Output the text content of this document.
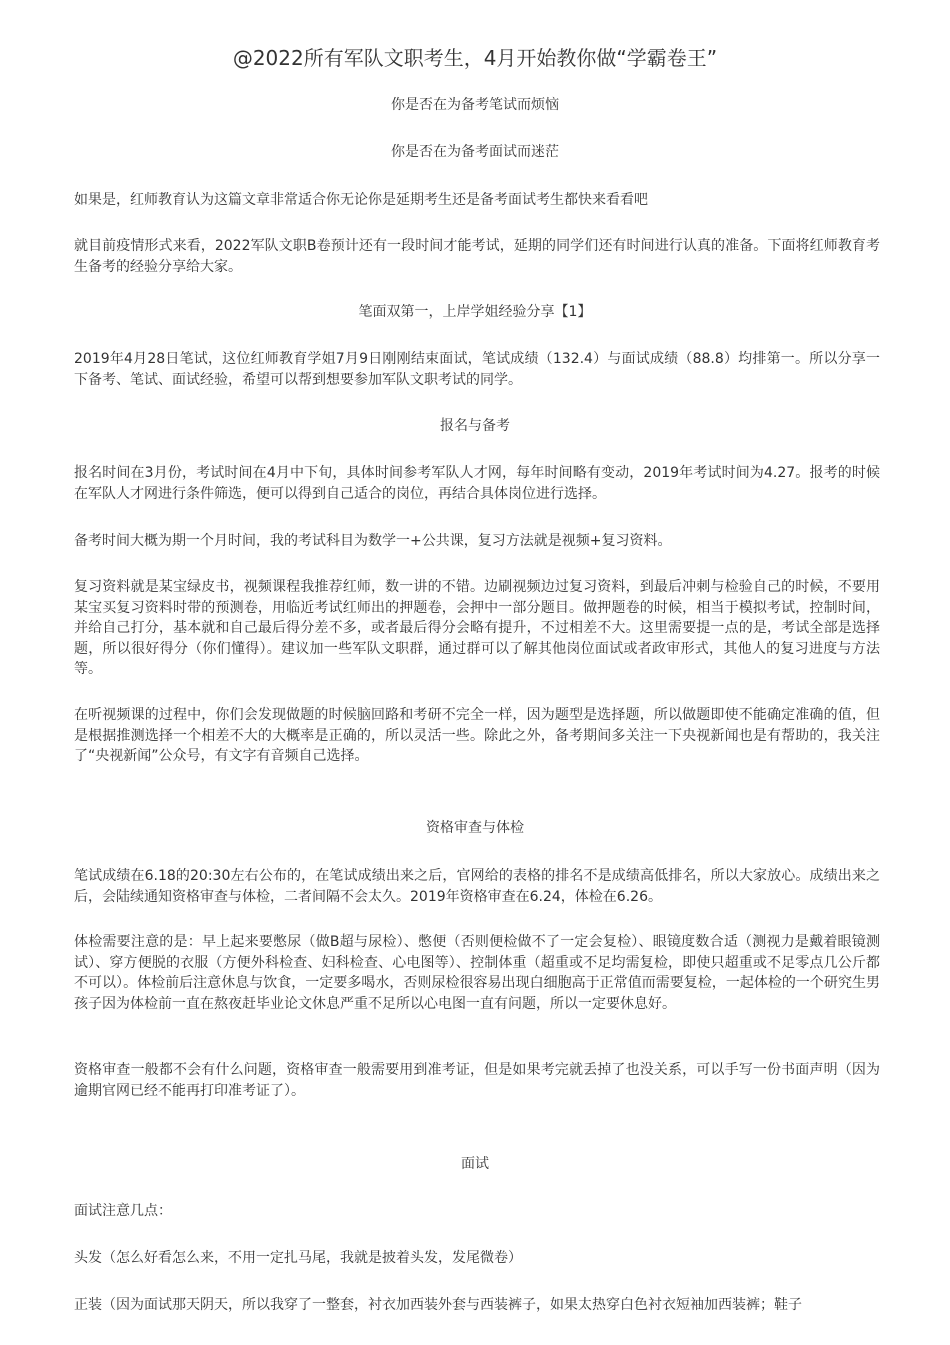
@2022所有军队文职考生，4月开始教你做“学霸卷王”
你是否在为备考笔试而烦恼
你是否在为备考面试而迷茫
如果是，红师教育认为这篇文章非常适合你无论你是延期考生还是备考面试考生都快来看看吧
就目前疫情形式来看，2022军队文职B卷预计还有一段时间才能考试，延期的同学们还有时间进行认真的准备。下面将红师教育考生备考的经验分享给大家。
笔面双第一，上岸学姐经验分享【1】
2019年4月28日笔试，这位红师教育学姐7月9日刚刚结束面试，笔试成绩（132.4）与面试成绩（88.8）均排第一。所以分享一下备考、笔试、面试经验，希望可以帮到想要参加军队文职考试的同学。
报名与备考
报名时间在3月份，考试时间在4月中下旬，具体时间参考军队人才网，每年时间略有变动，2019年考试时间为4.27。报考的时候在军队人才网进行条件筛选，便可以得到自己适合的岗位，再结合具体岗位进行选择。
备考时间大概为期一个月时间，我的考试科目为数学一+公共课，复习方法就是视频+复习资料。
复习资料就是某宝绿皮书，视频课程我推荐红师，数一讲的不错。边刷视频边过复习资料，到最后冲刺与检验自己的时候，不要用某宝买复习资料时带的预测卷，用临近考试红师出的押题卷，会押中一部分题目。做押题卷的时候，相当于模拟考试，控制时间，并给自己打分，基本就和自己最后得分差不多，或者最后得分会略有提升，不过相差不大。这里需要提一点的是，考试全部是选择题，所以很好得分（你们懂得）。建议加一些军队文职群，通过群可以了解其他岗位面试或者政审形式，其他人的复习进度与方法等。
在听视频课的过程中，你们会发现做题的时候脑回路和考研不完全一样，因为题型是选择题，所以做题即使不能确定准确的值，但是根据推测选择一个相差不大的大概率是正确的，所以灵活一些。除此之外，备考期间多关注一下央视新闻也是有帮助的，我关注了“央视新闻”公众号，有文字有音频自己选择。
资格审查与体检
笔试成绩在6.18的20:30左右公布的，在笔试成绩出来之后，官网给的表格的排名不是成绩高低排名，所以大家放心。成绩出来之后，会陆续通知资格审查与体检，二者间隔不会太久。2019年资格审查在6.24，体检在6.26。
体检需要注意的是：早上起来要憋尿（做B超与尿检）、憋便（否则便检做不了一定会复检）、眼镜度数合适（测视力是戴着眼镜测试）、穿方便脱的衣服（方便外科检查、妇科检查、心电图等）、控制体重（超重或不足均需复检，即使只超重或不足零点几公斤都不可以）。体检前后注意休息与饮食，一定要多喝水，否则尿检很容易出现白细胞高于正常值而需要复检，一起体检的一个研究生男孩子因为体检前一直在熬夜赶毕业论文休息严重不足所以心电图一直有问题，所以一定要休息好。
资格审查一般都不会有什么问题，资格审查一般需要用到准考证，但是如果考完就丢掉了也没关系，可以手写一份书面声明（因为逾期官网已经不能再打印准考证了）。
面试
面试注意几点：
头发（怎么好看怎么来，不用一定扎马尾，我就是披着头发，发尾微卷）
正装（因为面试那天阴天，所以我穿了一整套，衬衣加西装外套与西装裤子，如果太热穿白色衬衣短袖加西装裤；鞋子
